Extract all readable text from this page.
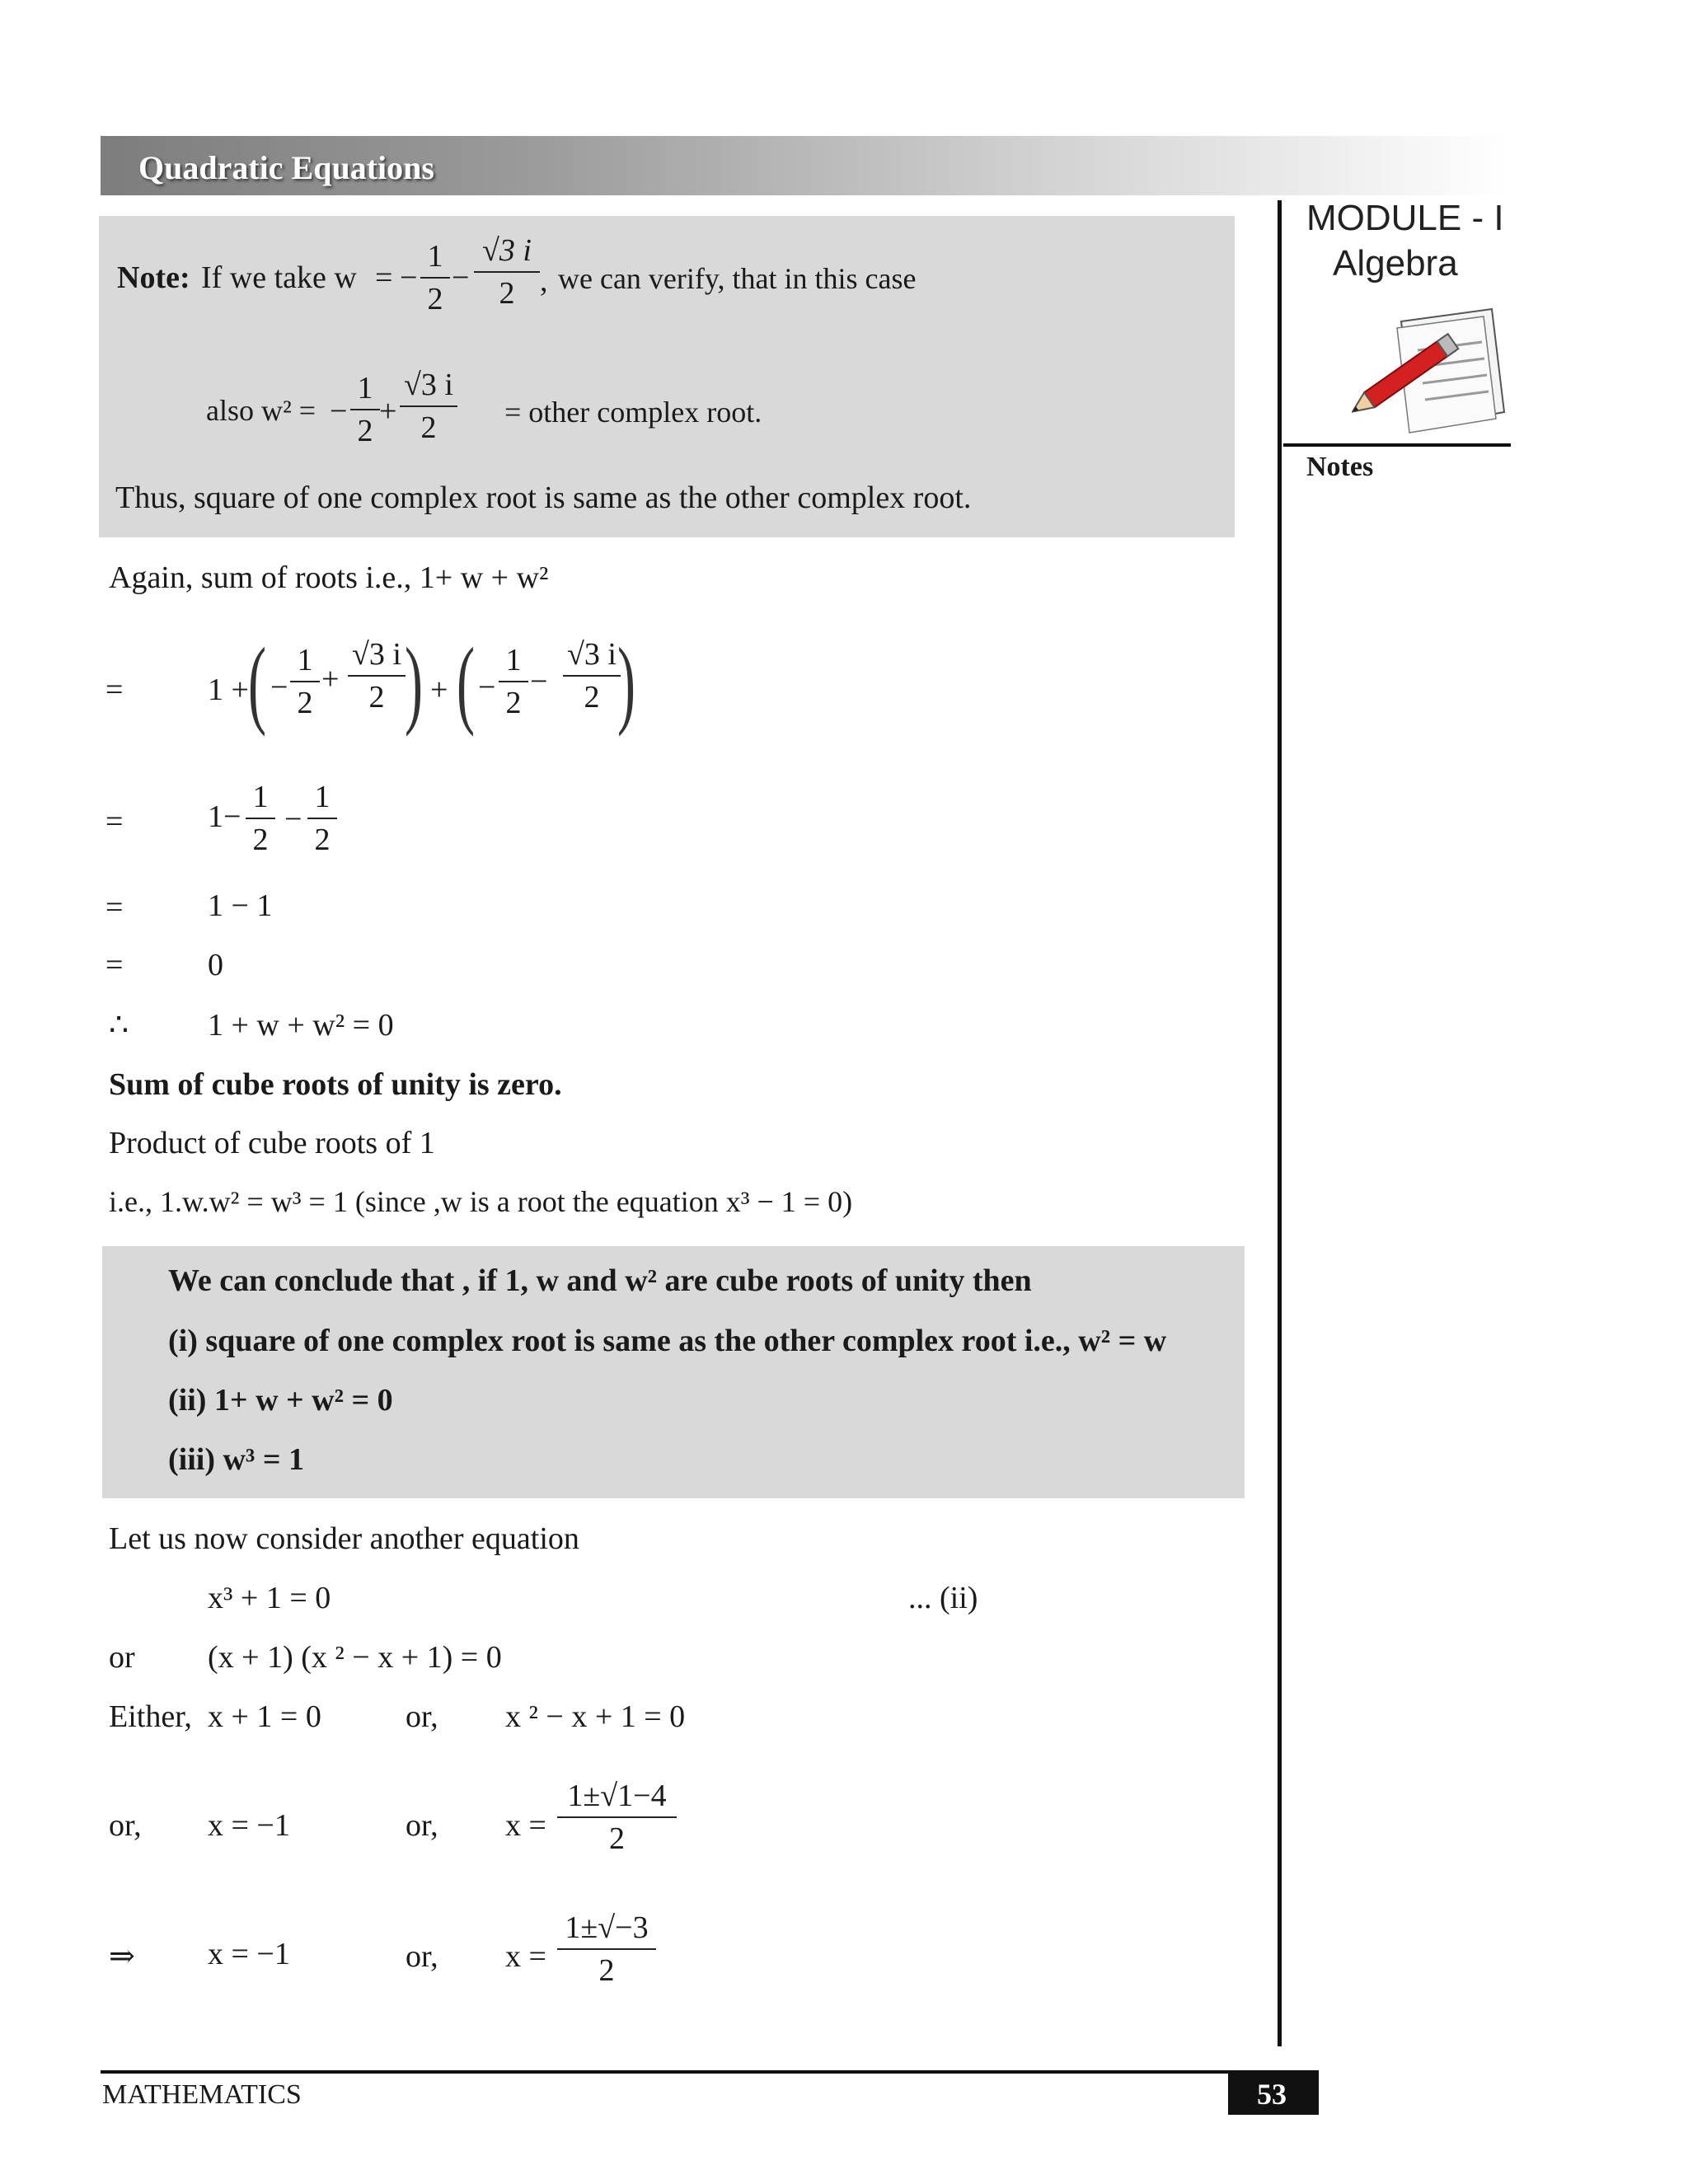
Quadratic Equations
MODULE - I
Algebra
Notes
Note: If we take w = −
1
2
−
√3 i
2 , we can verify, that in this case
also w² = −
1
2
+
√3 i
2	= other complex root.
Thus, square of one complex root is same as the other complex root.
Again, sum of roots i.e., 1+ w + w²
=	1 + ( −
1
2
+
√3 i
2 ) + ( −
1
2
−
√3 i
2 )
=	1−
1
2
−
1
2
=	1 − 1
=	0
∴	1 + w + w² = 0
Sum of cube roots of unity is zero.
Product of cube roots of 1
i.e., 1.w.w² = w³ = 1 (since ,w is a root the equation x³ − 1 = 0)
We can conclude that , if 1, w and w² are cube roots of unity then
(i) square of one complex root is same as the other complex root i.e., w² = w
(ii) 1+ w + w² = 0
(iii) w³ = 1
Let us now consider another equation
x³ + 1 = 0	... (ii)
or (x + 1) (x ² − x + 1) = 0
Either, x + 1 = 0	or, x ² − x + 1 = 0
or, x = −1	or, x =
1±√1−4
2
⇒ x = −1	or, x =
1±√−3
2
MATHEMATICS	53
